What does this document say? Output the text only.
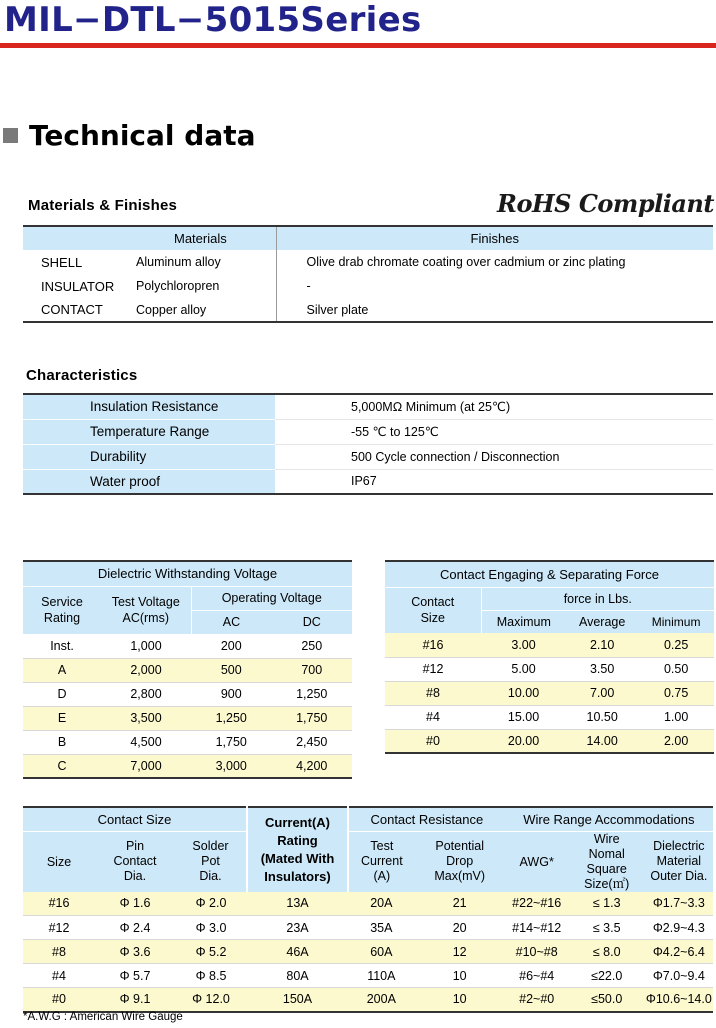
MIL−DTL−5015Series
Technical data
Materials & Finishes	RoHS Compliant
	Materials	Finishes
SHELL	Aluminum alloy	Olive drab chromate coating over cadmium or zinc plating
INSULATOR	Polychloropren	-
CONTACT	Copper alloy	Silver plate
Characteristics
Insulation Resistance	5,000MΩ Minimum (at 25℃)
Temperature Range	-55 ℃ to 125℃
Durability	500 Cycle connection / Disconnection
Water proof	IP67
Dielectric Withstanding Voltage			
Service Rating	Test Voltage AC(rms)	Operating Voltage	
		AC	DC
Inst.	1,000	200	250
A	2,000	500	700
D	2,800	900	1,250
E	3,500	1,250	1,750
B	4,500	1,750	2,450
C	7,000	3,000	4,200
Contact Engaging & Separating Force			
Contact Size	force in Lbs.		
	Maximum	Average	Minimum
#16	3.00	2.10	0.25
#12	5.00	3.50	0.50
#8	10.00	7.00	0.75
#4	15.00	10.50	1.00
#0	20.00	14.00	2.00
Contact Size			Current(A) Rating (Mated With Insulators)	Contact Resistance		Wire Range Accommodations		
Size	Pin Contact Dia.	Solder Pot Dia.		Test Current (A)	Potential Drop Max(mV)	AWG*	Wire Nomal Square Size(㎡)	Dielectric Material Outer Dia.
#16	Φ 1.6	Φ 2.0	13A	20A	21	#22~#16	≤ 1.3	Φ1.7~3.3
#12	Φ 2.4	Φ 3.0	23A	35A	20	#14~#12	≤ 3.5	Φ2.9~4.3
#8	Φ 3.6	Φ 5.2	46A	60A	12	#10~#8	≤ 8.0	Φ4.2~6.4
#4	Φ 5.7	Φ 8.5	80A	110A	10	#6~#4	≤22.0	Φ7.0~9.4
#0	Φ 9.1	Φ 12.0	150A	200A	10	#2~#0	≤50.0	Φ10.6~14.0
*A.W.G : American Wire Gauge
